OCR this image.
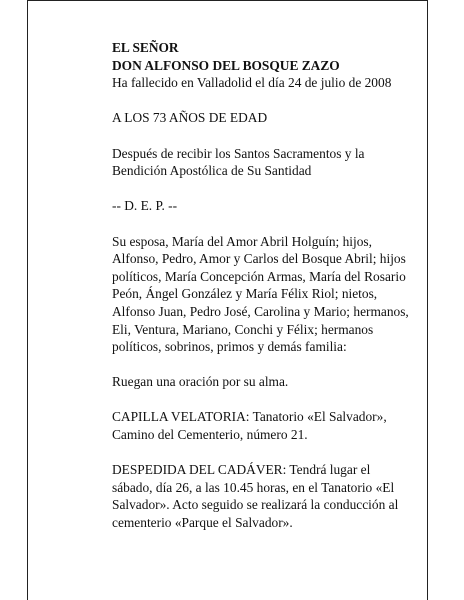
EL SEÑOR

DON ALFONSO DEL BOSQUE ZAZO

Ha fallecido en Valladolid el día 24 de julio de 2008

A LOS 73 AÑOS DE EDAD

Después de recibir los Santos Sacramentos y la Bendición Apostólica de Su Santidad

-- D. E. P. --

Su esposa, María del Amor Abril Holguín; hijos, Alfonso, Pedro, Amor y Carlos del Bosque Abril; hijos políticos, María Concepción Armas, María del Rosario Peón, Ángel González y María Félix Riol; nietos, Alfonso Juan, Pedro José, Carolina y Mario; hermanos, Eli, Ventura, Mariano, Conchi y Félix; hermanos políticos, sobrinos, primos y demás familia:

Ruegan una oración por su alma.

CAPILLA VELATORIA: Tanatorio «El Salvador», Camino del Cementerio, número 21.

DESPEDIDA DEL CADÁVER: Tendrá lugar el sábado, día 26, a las 10.45 horas, en el Tanatorio «El Salvador». Acto seguido se realizará la conducción al cementerio «Parque el Salvador».
